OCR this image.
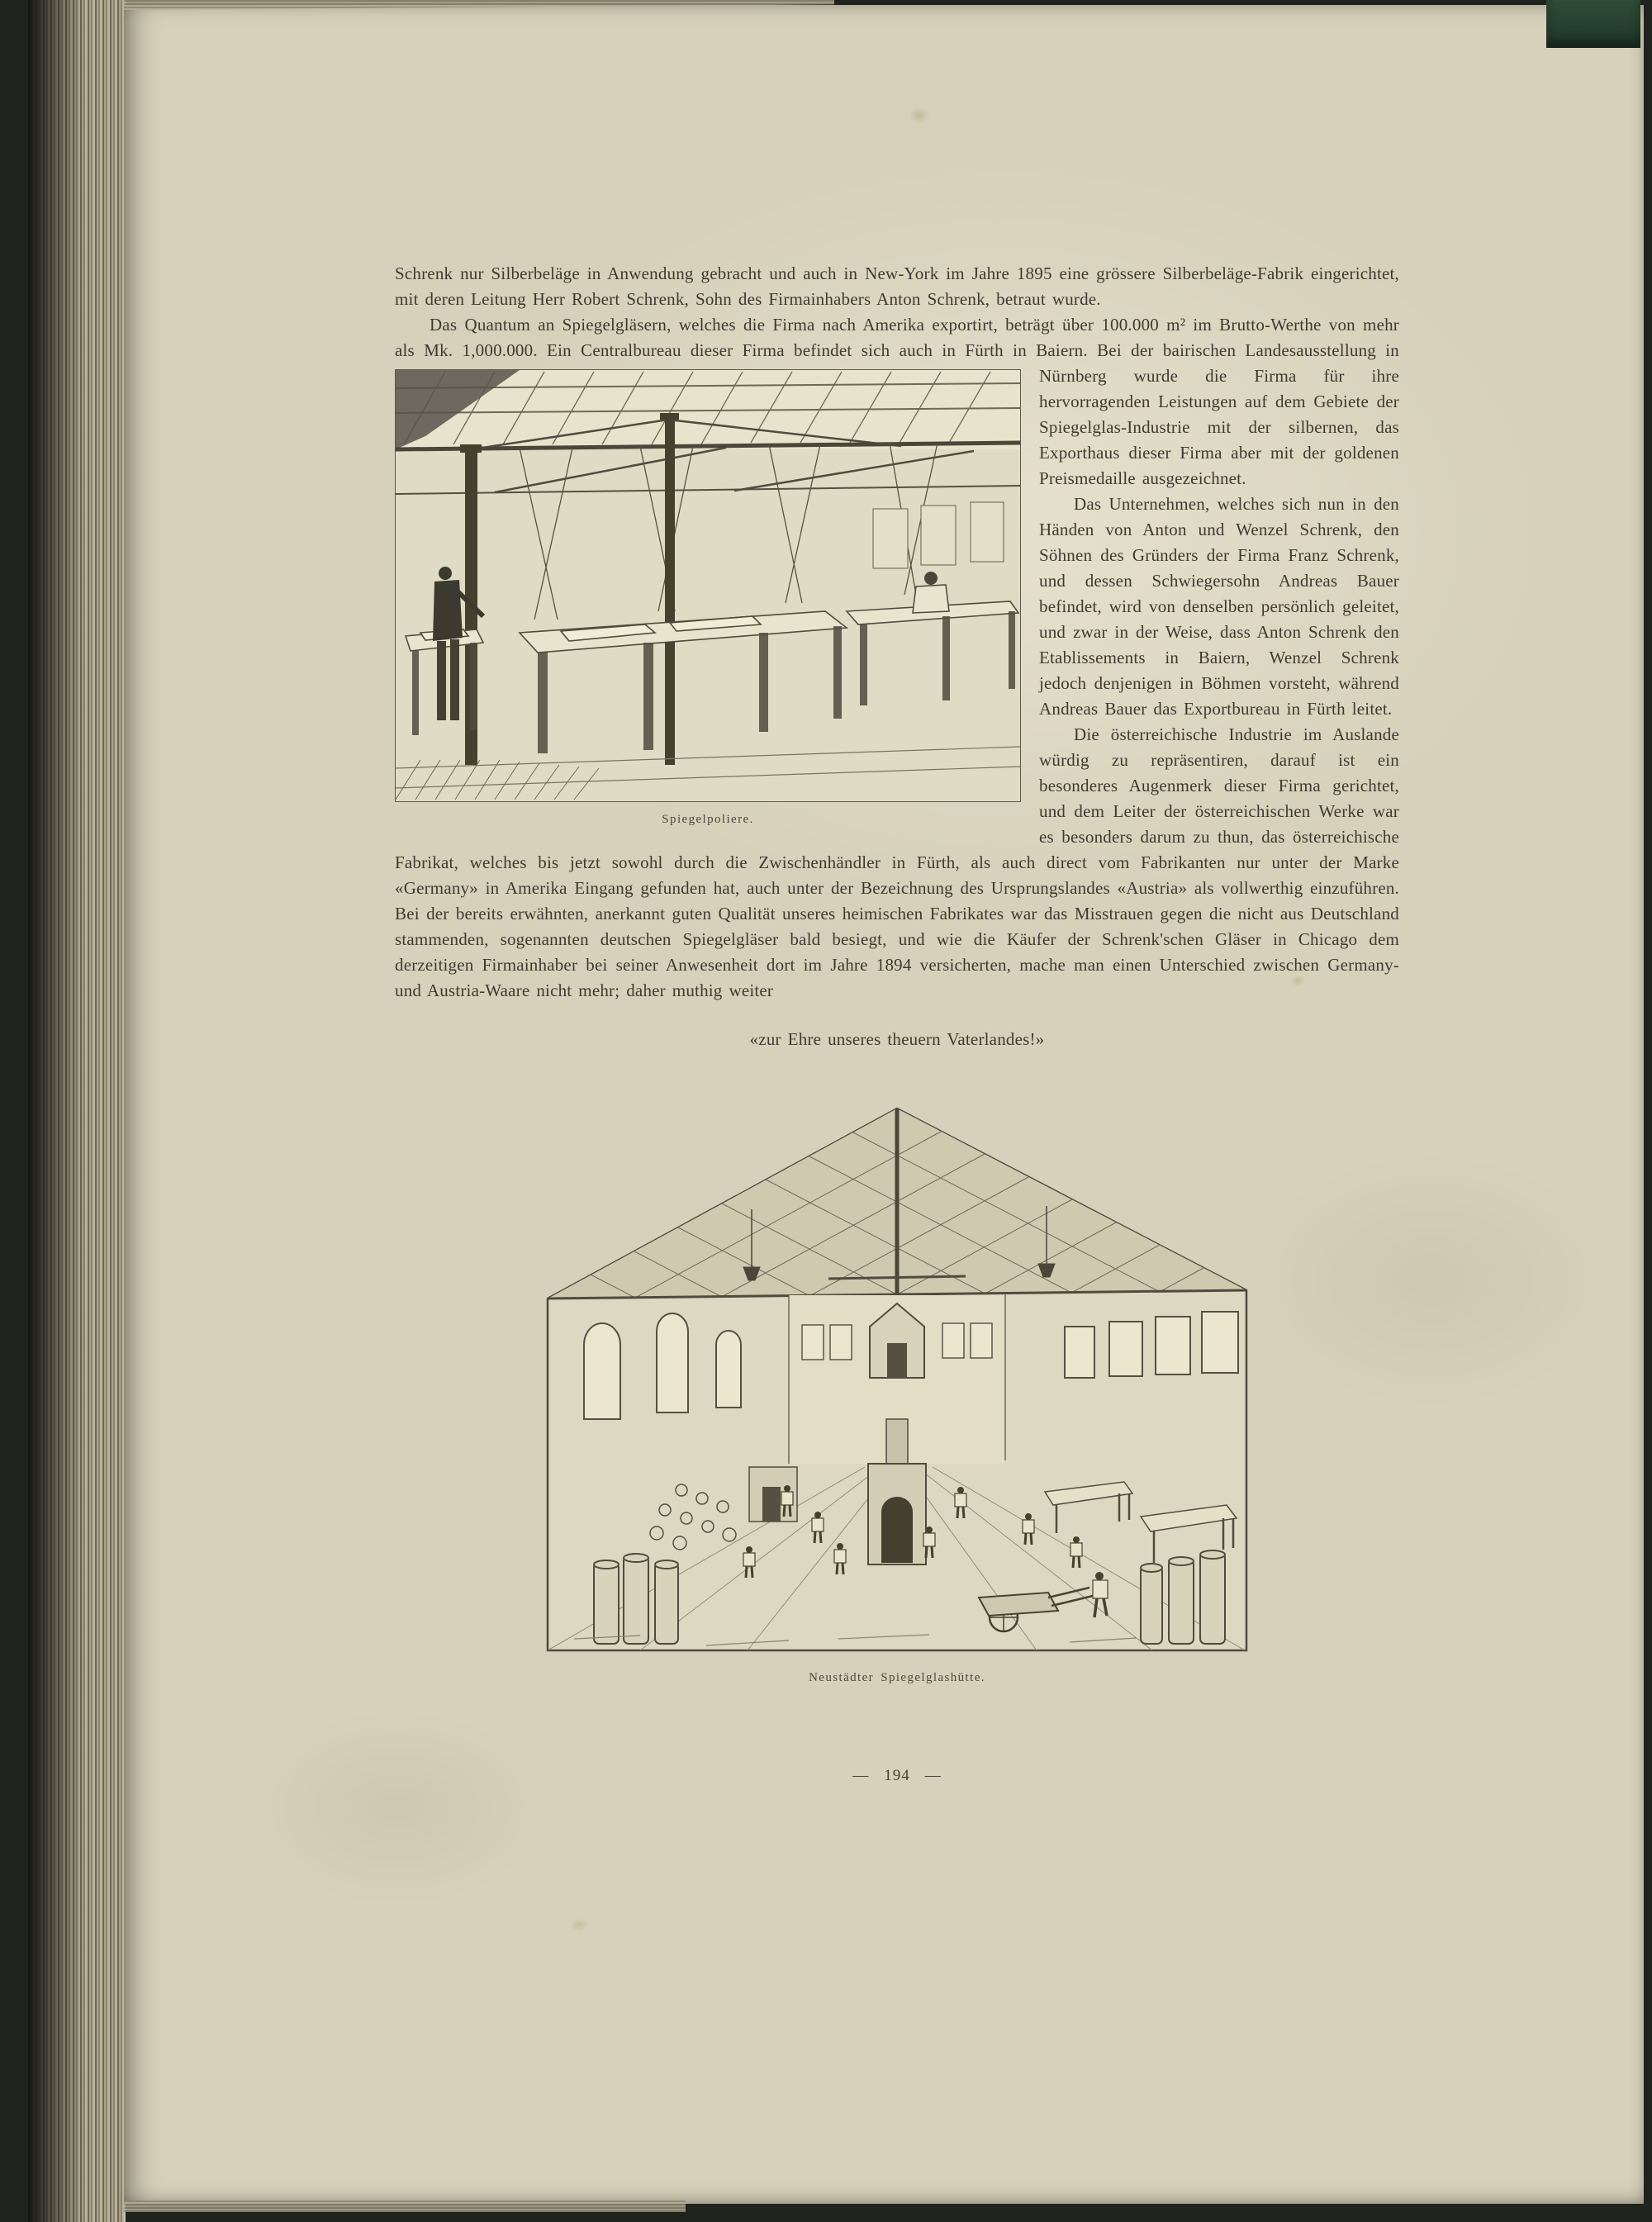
Schrenk nur Silberbeläge in Anwendung gebracht und auch in New-York im Jahre 1895 eine grössere Silberbeläge-Fabrik eingerichtet, mit deren Leitung Herr Robert Schrenk, Sohn des Firmainhabers Anton Schrenk, betraut wurde.
Das Quantum an Spiegelgläsern, welches die Firma nach Amerika exportirt, beträgt über 100.000 m² im Brutto-Werthe von mehr als Mk. 1,000.000. Ein Centralbureau dieser Firma befindet sich auch in Fürth
Spiegelpoliere.
in Baiern. Bei der bairischen Landesausstellung in Nürnberg wurde die Firma für ihre hervorragenden Leistungen auf dem Gebiete der Spiegelglas-Industrie mit der silbernen, das Exporthaus dieser Firma aber mit der goldenen Preismedaille ausgezeichnet.
Das Unternehmen, welches sich nun in den Händen von Anton und Wenzel Schrenk, den Söhnen des Gründers der Firma Franz Schrenk, und dessen Schwiegersohn Andreas Bauer befindet, wird von denselben persönlich geleitet, und zwar in der Weise, dass Anton Schrenk den Etablissements in Baiern, Wenzel Schrenk jedoch denjenigen in Böhmen vorsteht, während Andreas Bauer das Exportbureau in Fürth leitet.
Die österreichische Industrie im Auslande würdig zu repräsentiren, darauf ist ein besonderes Augenmerk dieser Firma gerichtet, und dem Leiter der österreichischen Werke war es besonders darum zu thun, das österreichische Fabrikat, welches bis jetzt sowohl durch die Zwischenhändler in Fürth, als auch direct vom Fabrikanten nur unter der Marke «Germany» in Amerika Eingang gefunden hat, auch unter der Bezeichnung des Ursprungslandes «Austria» als vollwerthig einzuführen. Bei der bereits erwähnten, anerkannt guten Qualität unseres heimischen Fabrikates war das Misstrauen gegen die nicht aus Deutschland stammenden, sogenannten deutschen Spiegelgläser bald besiegt, und wie die Käufer der Schrenk'schen Gläser in Chicago dem derzeitigen Firmainhaber bei seiner Anwesenheit dort im Jahre 1894 versicherten, mache man einen Unterschied zwischen Germany- und Austria-Waare nicht mehr; daher muthig weiter
«zur Ehre unseres theuern Vaterlandes!»
Neustädter Spiegelglashütte.
— 194 —
